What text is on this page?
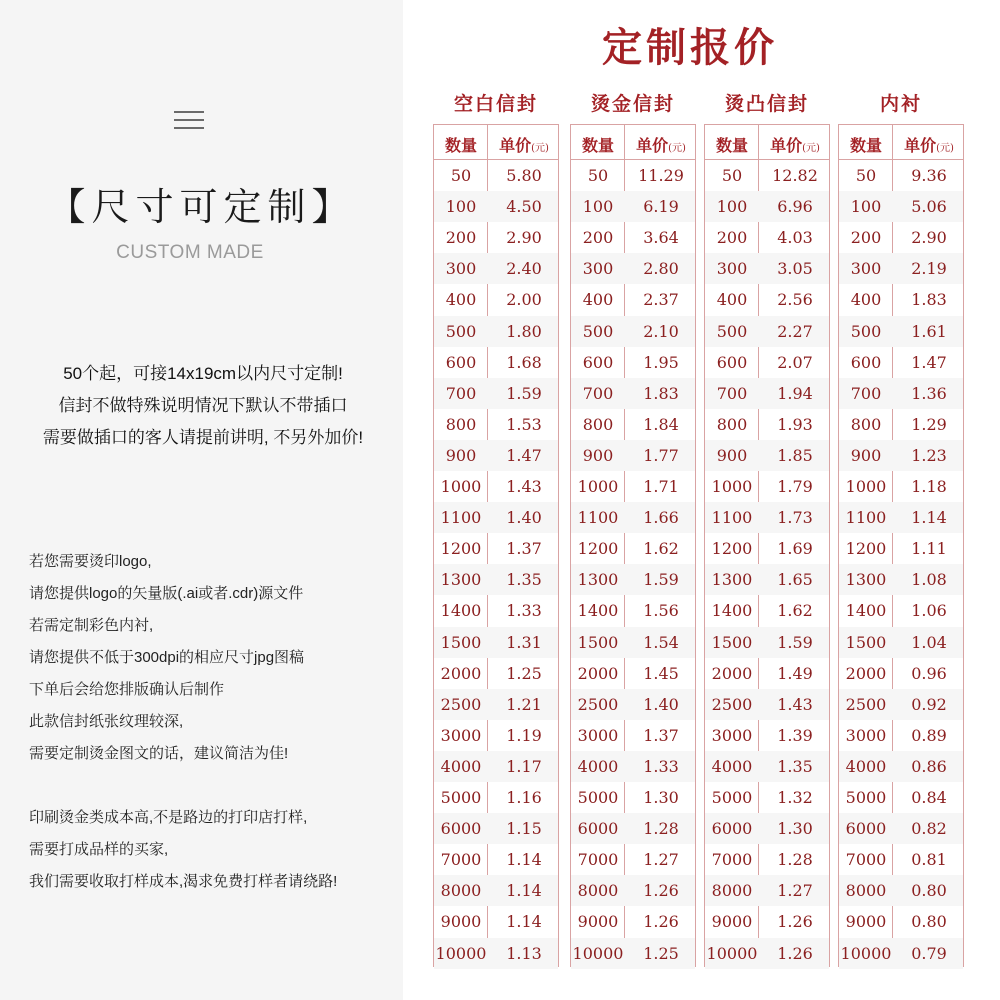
【尺寸可定制】
CUSTOM MADE
50个起，可接14x19cm以内尺寸定制!
信封不做特殊说明情况下默认不带插口
需要做插口的客人请提前讲明, 不另外加价!
若您需要烫印logo,
请您提供logo的矢量版(.ai或者.cdr)源文件
若需定制彩色内衬,
请您提供不低于300dpi的相应尺寸jpg图稿
下单后会给您排版确认后制作
此款信封纸张纹理较深,
需要定制烫金图文的话，建议简洁为佳!
印刷烫金类成本高,不是路边的打印店打样,
需要打成品样的买家,
我们需要收取打样成本,渴求免费打样者请绕路!
定制报价
空白信封
数量	单价(元)
50	5.80
100	4.50
200	2.90
300	2.40
400	2.00
500	1.80
600	1.68
700	1.59
800	1.53
900	1.47
1000	1.43
1100	1.40
1200	1.37
1300	1.35
1400	1.33
1500	1.31
2000	1.25
2500	1.21
3000	1.19
4000	1.17
5000	1.16
6000	1.15
7000	1.14
8000	1.14
9000	1.14
10000	1.13
烫金信封
数量	单价(元)
50	11.29
100	6.19
200	3.64
300	2.80
400	2.37
500	2.10
600	1.95
700	1.83
800	1.84
900	1.77
1000	1.71
1100	1.66
1200	1.62
1300	1.59
1400	1.56
1500	1.54
2000	1.45
2500	1.40
3000	1.37
4000	1.33
5000	1.30
6000	1.28
7000	1.27
8000	1.26
9000	1.26
10000	1.25
烫凸信封
数量	单价(元)
50	12.82
100	6.96
200	4.03
300	3.05
400	2.56
500	2.27
600	2.07
700	1.94
800	1.93
900	1.85
1000	1.79
1100	1.73
1200	1.69
1300	1.65
1400	1.62
1500	1.59
2000	1.49
2500	1.43
3000	1.39
4000	1.35
5000	1.32
6000	1.30
7000	1.28
8000	1.27
9000	1.26
10000	1.26
内衬
数量	单价(元)
50	9.36
100	5.06
200	2.90
300	2.19
400	1.83
500	1.61
600	1.47
700	1.36
800	1.29
900	1.23
1000	1.18
1100	1.14
1200	1.11
1300	1.08
1400	1.06
1500	1.04
2000	0.96
2500	0.92
3000	0.89
4000	0.86
5000	0.84
6000	0.82
7000	0.81
8000	0.80
9000	0.80
10000	0.79
